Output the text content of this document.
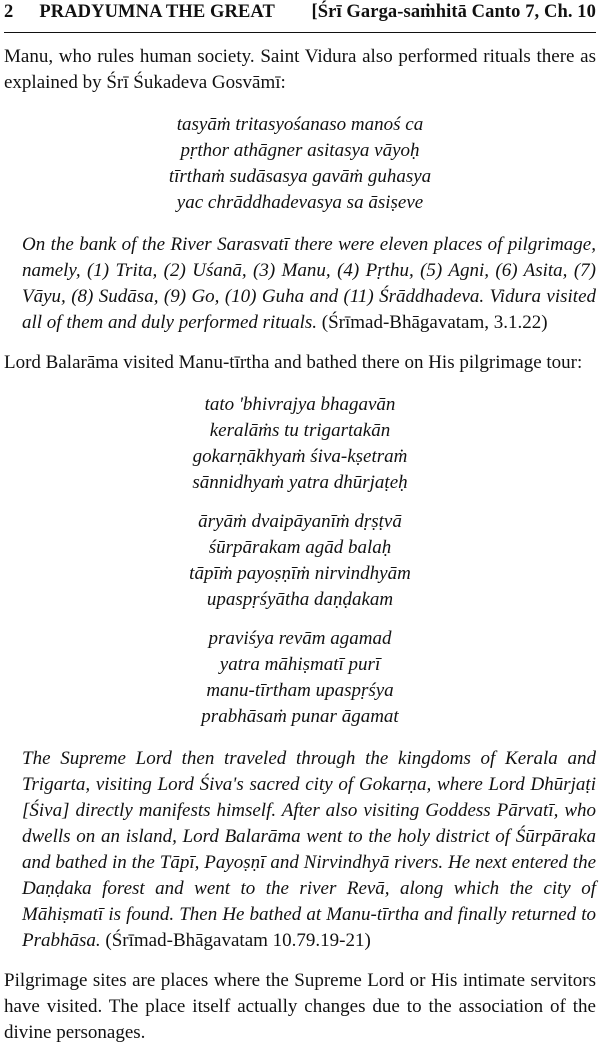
2 PRADYUMNA THE GREAT [Śrī Garga-saṁhitā Canto 7, Ch. 10

Manu, who rules human society. Saint Vidura also performed rituals there as explained by Śrī Śukadeva Gosvāmī:

tasyāṁ tritasyośanaso manoś ca

pṛthor athāgner asitasya vāyoḥ

tīrthaṁ sudāsasya gavāṁ guhasya

yac chrāddhadevasya sa āsiṣeve

On the bank of the River Sarasvatī there were eleven places of pilgrimage, namely, (1) Trita, (2) Uśanā, (3) Manu, (4) Pṛthu, (5) Agni, (6) Asita, (7) Vāyu, (8) Sudāsa, (9) Go, (10) Guha and (11) Śrāddhadeva. Vidura visited all of them and duly performed rituals. (Śrīmad-Bhāgavatam, 3.1.22)

Lord Balarāma visited Manu-tīrtha and bathed there on His pilgrimage tour:

tato 'bhivrajya bhagavān

keralāṁs tu trigartakān

gokarṇākhyaṁ śiva-kṣetraṁ

sānnidhyaṁ yatra dhūrjaṭeḥ

āryāṁ dvaipāyanīṁ dṛṣṭvā

śūrpārakam agād balaḥ

tāpīṁ payoṣṇīṁ nirvindhyām

upaspṛśyātha daṇḍakam

praviśya revām agamad

yatra māhiṣmatī purī

manu-tīrtham upaspṛśya

prabhāsaṁ punar āgamat

The Supreme Lord then traveled through the kingdoms of Kerala and Trigarta, visiting Lord Śiva's sacred city of Gokarṇa, where Lord Dhūrjaṭi [Śiva] directly manifests himself. After also visiting Goddess Pārvatī, who dwells on an island, Lord Balarāma went to the holy district of Śūrpāraka and bathed in the Tāpī, Payoṣṇī and Nirvindhyā rivers. He next entered the Daṇḍaka forest and went to the river Revā, along which the city of Māhiṣmatī is found. Then He bathed at Manu-tīrtha and finally returned to Prabhāsa. (Śrīmad-Bhāgavatam 10.79.19-21)

Pilgrimage sites are places where the Supreme Lord or His intimate servitors have visited. The place itself actually changes due to the association of the divine personages.
